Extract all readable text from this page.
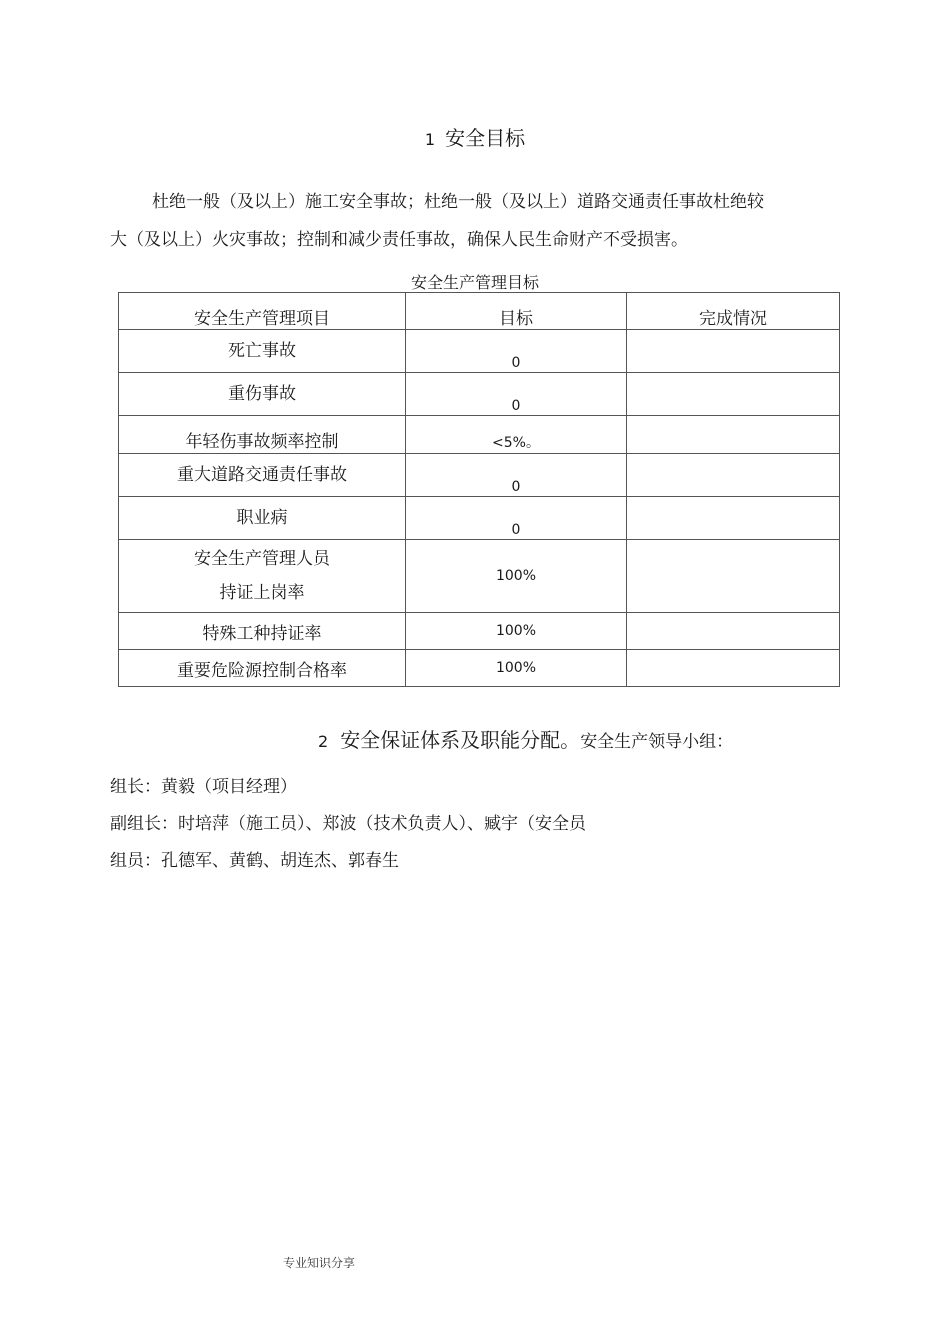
1 安全目标
杜绝一般（及以上）施工安全事故；杜绝一般（及以上）道路交通责任事故杜绝较
大（及以上）火灾事故；控制和减少责任事故，确保人民生命财产不受损害。
安全生产管理目标
安全生产管理项目	目标	完成情况
死亡事故	0	
重伤事故	0	
年轻伤事故频率控制	<5%。	
重大道路交通责任事故	0	
职业病	0	

安全生产管理人员
持证上岗率	100%	
特殊工种持证率	100%	
重要危险源控制合格率	100%	
2 安全保证体系及职能分配。安全生产领导小组：
组长：黄毅（项目经理）
副组长：时培萍（施工员）、郑波（技术负责人）、臧宇（安全员
组员：孔德军、黄鹤、胡连杰、郭春生
专业知识分享
